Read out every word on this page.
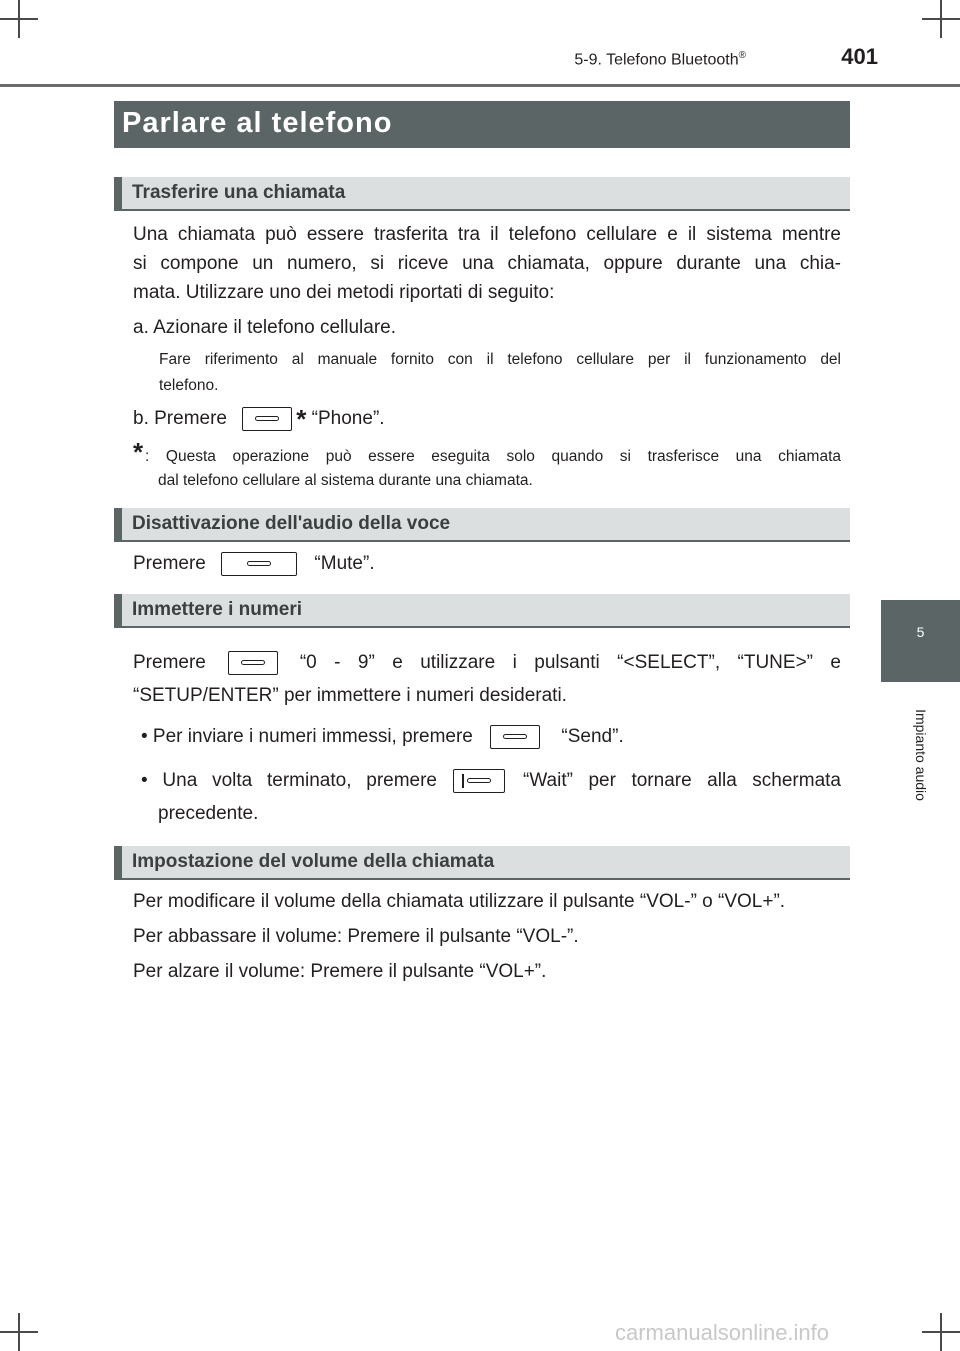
5-9. Telefono Bluetooth®	401
5
Impianto audio
Parlare al telefono
Trasferire una chiamata
Una chiamata può essere trasferita tra il telefono cellulare e il sistema mentre
si compone un numero, si riceve una chiamata, oppure durante una chia-
mata. Utilizzare uno dei metodi riportati di seguito:
a. Azionare il telefono cellulare.
Fare riferimento al manuale fornito con il telefono cellulare per il funzionamento del
telefono.
b. Premere	* “Phone”.
* : Questa operazione può essere eseguita solo quando si trasferisce una chiamata
dal telefono cellulare al sistema durante una chiamata.
Disattivazione dell'audio della voce
Premere	“Mute”.
Immettere i numeri
Premere	“0 - 9” e utilizzare i pulsanti “<SELECT”, “TUNE>” e
“SETUP/ENTER” per immettere i numeri desiderati.
• Per inviare i numeri immessi, premere	“Send”.
• Una volta terminato, premere	“Wait” per tornare alla schermata
precedente.
Impostazione del volume della chiamata
Per modificare il volume della chiamata utilizzare il pulsante “VOL-” o “VOL+”.
Per abbassare il volume: Premere il pulsante “VOL-”.
Per alzare il volume: Premere il pulsante “VOL+”.
carmanualsonline.info
